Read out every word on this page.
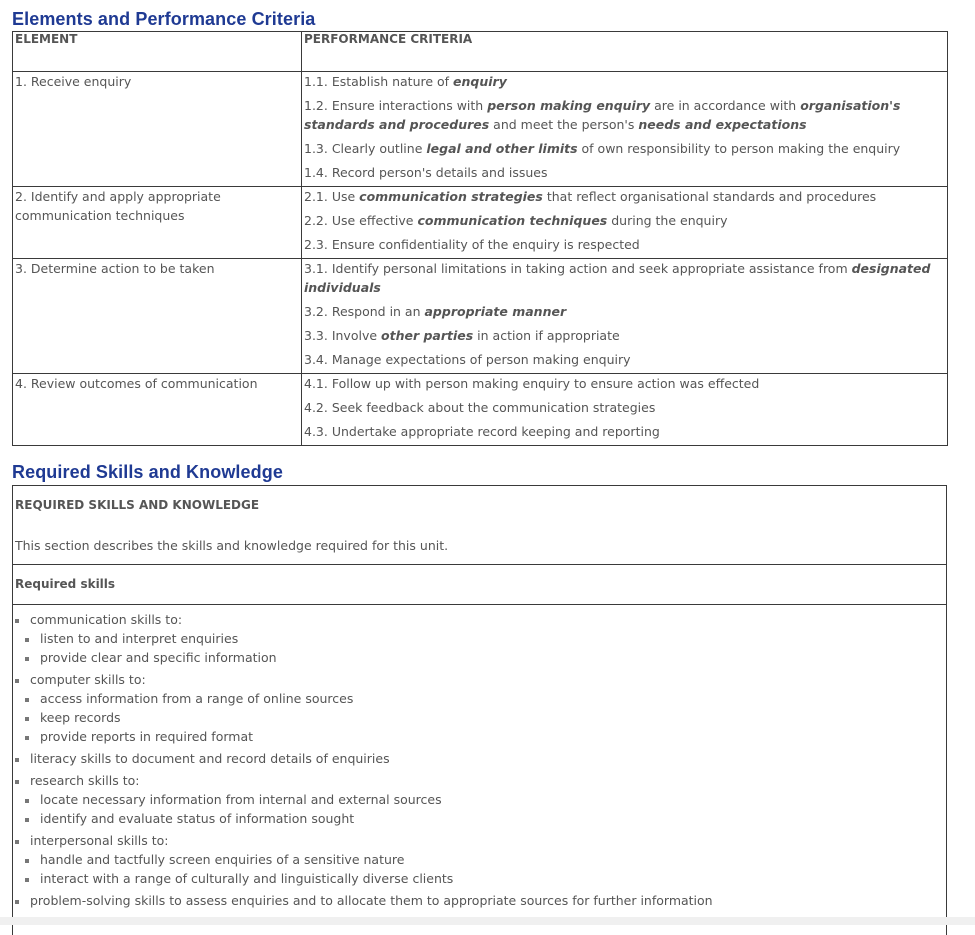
Elements and Performance Criteria
ELEMENT	PERFORMANCE CRITERIA

1. Receive enquiry	1.1. Establish nature of enquiry
1.2. Ensure interactions with person making enquiry are in accordance with organisation's standards and procedures and meet the person's needs and expectations
1.3. Clearly outline legal and other limits of own responsibility to person making the enquiry
1.4. Record person's details and issues

2. Identify and apply appropriate communication techniques	2.1. Use communication strategies that reflect organisational standards and procedures
2.2. Use effective communication techniques during the enquiry
2.3. Ensure confidentiality of the enquiry is respected

3. Determine action to be taken	3.1. Identify personal limitations in taking action and seek appropriate assistance from designated individuals
3.2. Respond in an appropriate manner
3.3. Involve other parties in action if appropriate
3.4. Manage expectations of person making enquiry

4. Review outcomes of communication	4.1. Follow up with person making enquiry to ensure action was effected
4.2. Seek feedback about the communication strategies
4.3. Undertake appropriate record keeping and reporting
Required Skills and Knowledge
REQUIRED SKILLS AND KNOWLEDGE
This section describes the skills and knowledge required for this unit.
Required skills
communication skills to:
listen to and interpret enquiries
provide clear and specific information
computer skills to:
access information from a range of online sources
keep records
provide reports in required format
literacy skills to document and record details of enquiries
research skills to:
locate necessary information from internal and external sources
identify and evaluate status of information sought
interpersonal skills to:
handle and tactfully screen enquiries of a sensitive nature
interact with a range of culturally and linguistically diverse clients
problem-solving skills to assess enquiries and to allocate them to appropriate sources for further information
